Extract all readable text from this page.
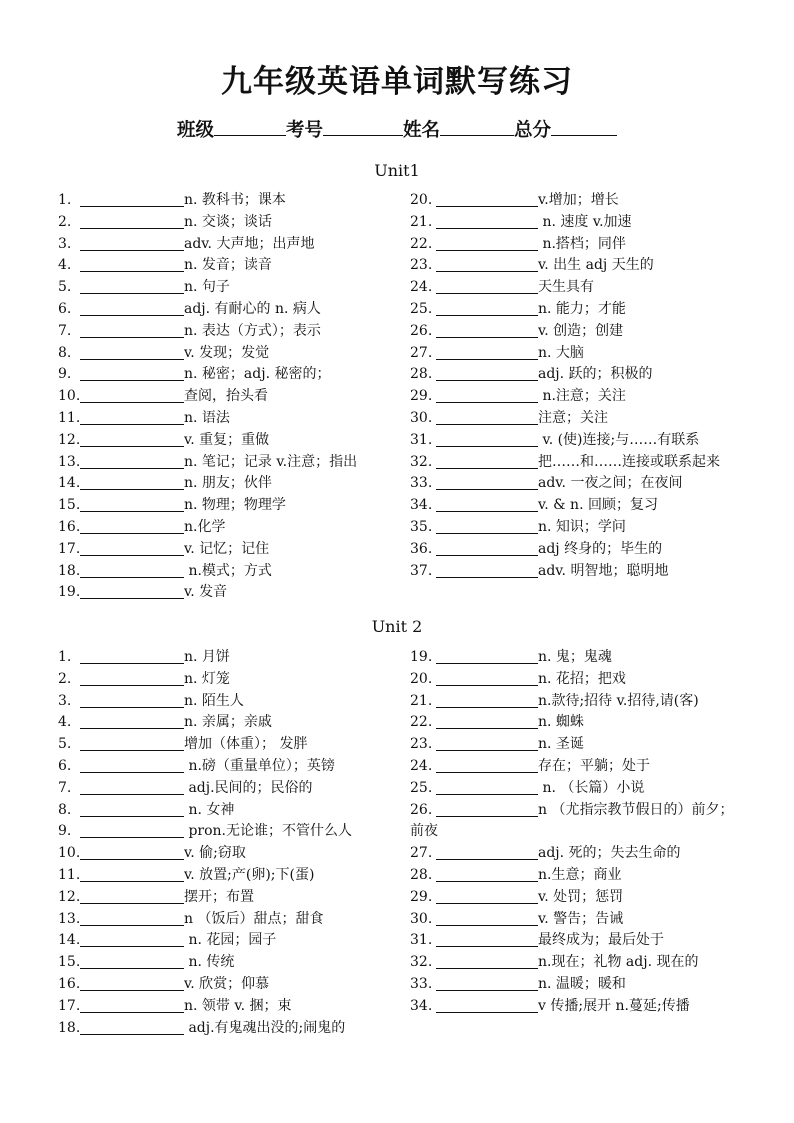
九年级英语单词默写练习
班级	考号	姓名	总分
Unit1
1.	n. 教科书；课本
2.	n. 交谈；谈话
3.	adv. 大声地；出声地
4.	n. 发音；读音
5.	n. 句子
6.	adj. 有耐心的 n. 病人
7.	n. 表达（方式）；表示
8.	v. 发现；发觉
9.	n. 秘密；adj. 秘密的；
10.	查阅，抬头看
11.	n. 语法
12.	v. 重复；重做
13.	n. 笔记；记录 v.注意；指出
14.	n. 朋友；伙伴
15.	n. 物理；物理学
16.	n.化学
17.	v. 记忆；记住
18.	n.模式；方式
19.	v. 发音
20.	v.增加；增长
21.	n. 速度 v.加速
22.	n.搭档；同伴
23.	v. 出生 adj 天生的
24.	天生具有
25.	n. 能力；才能
26.	v. 创造；创建
27.	n. 大脑
28.	adj. 跃的；积极的
29.	n.注意；关注
30.	注意；关注
31.	v. (使)连接;与……有联系
32.	把……和……连接或联系起来
33.	adv. 一夜之间；在夜间
34.	v. & n. 回顾；复习
35.	n. 知识；学问
36.	adj 终身的；毕生的
37.	adv. 明智地；聪明地
Unit 2
1.	n. 月饼
2.	n. 灯笼
3.	n. 陌生人
4.	n. 亲属；亲戚
5.	增加（体重）； 发胖
6.	n.磅（重量单位）；英镑
7.	adj.民间的；民俗的
8.	n. 女神
9.	pron.无论谁；不管什么人
10.	v. 偷;窃取
11.	v. 放置;产(卵);下(蛋)
12.	摆开；布置
13.	n （饭后）甜点；甜食
14.	n. 花园；园子
15.	n. 传统
16.	v. 欣赏；仰慕
17.	n. 领带 v. 捆；束
18.	adj.有鬼魂出没的;闹鬼的
19.	n. 鬼；鬼魂
20.	n. 花招；把戏
21.	n.款待;招待 v.招待,请(客)
22.	n. 蜘蛛
23.	n. 圣诞
24.	存在；平躺；处于
25.	n. （长篇）小说
26.	n （尤指宗教节假日的）前夕；前夜
27.	adj. 死的；失去生命的
28.	n.生意；商业
29.	v. 处罚；惩罚
30.	v. 警告；告诫
31.	最终成为；最后处于
32.	n.现在；礼物 adj. 现在的
33.	n. 温暖；暖和
34.	v 传播;展开 n.蔓延;传播
